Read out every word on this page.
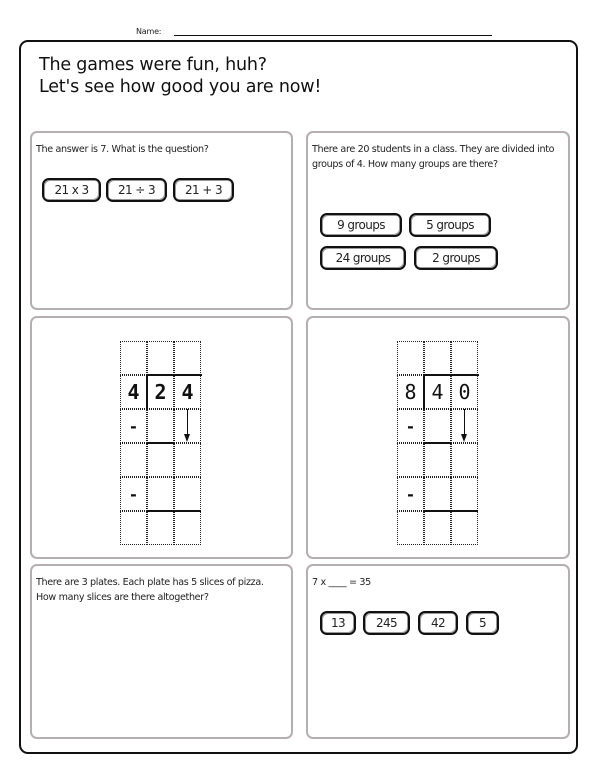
Name:
The games were fun, huh?
Let's see how good you are now!
The answer is 7. What is the question?
21 x 3	21 ÷ 3	21 + 3
There are 20 students in a class. They are divided into groups of 4. How many groups are there?
9 groups	5 groups
24 groups	2 groups
4 2 4
-
-
8 4 0
-
-
There are 3 plates. Each plate has 5 slices of pizza. How many slices are there altogether?
7 x ____ = 35
13	245	42	5
